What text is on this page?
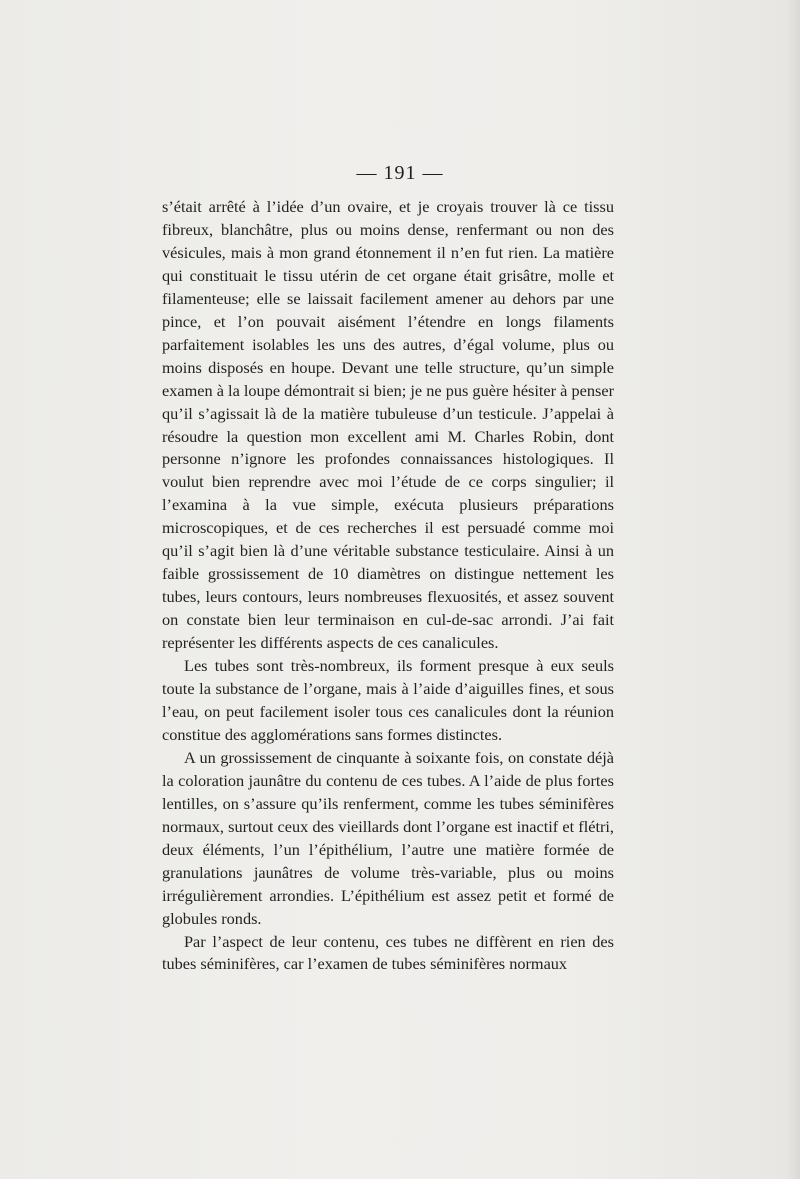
— 191 —

s’était arrêté à l’idée d’un ovaire, et je croyais trouver là ce tissu fibreux, blanchâtre, plus ou moins dense, renfermant ou non des vésicules, mais à mon grand étonnement il n’en fut rien. La matière qui constituait le tissu utérin de cet organe était grisâtre, molle et filamenteuse; elle se laissait facilement amener au dehors par une pince, et l’on pouvait aisément l’étendre en longs filaments parfaitement isolables les uns des autres, d’égal volume, plus ou moins disposés en houpe. Devant une telle structure, qu’un simple examen à la loupe démontrait si bien; je ne pus guère hésiter à penser qu’il s’agissait là de la matière tubuleuse d’un testicule. J’appelai à résoudre la question mon excellent ami M. Charles Robin, dont personne n’ignore les profondes connaissances histologiques. Il voulut bien reprendre avec moi l’étude de ce corps singulier; il l’examina à la vue simple, exécuta plusieurs préparations microscopiques, et de ces recherches il est persuadé comme moi qu’il s’agit bien là d’une véritable substance testiculaire. Ainsi à un faible grossissement de 10 diamètres on distingue nettement les tubes, leurs contours, leurs nombreuses flexuosités, et assez souvent on constate bien leur terminaison en cul-de-sac arrondi. J’ai fait représenter les différents aspects de ces canalicules.

Les tubes sont très-nombreux, ils forment presque à eux seuls toute la substance de l’organe, mais à l’aide d’aiguilles fines, et sous l’eau, on peut facilement isoler tous ces canalicules dont la réunion constitue des agglomérations sans formes distinctes.

A un grossissement de cinquante à soixante fois, on constate déjà la coloration jaunâtre du contenu de ces tubes. A l’aide de plus fortes lentilles, on s’assure qu’ils renferment, comme les tubes séminifères normaux, surtout ceux des vieillards dont l’organe est inactif et flétri, deux éléments, l’un l’épithélium, l’autre une matière formée de granulations jaunâtres de volume très-variable, plus ou moins irrégulièrement arrondies. L’épithélium est assez petit et formé de globules ronds.

Par l’aspect de leur contenu, ces tubes ne diffèrent en rien des tubes séminifères, car l’examen de tubes séminifères normaux
